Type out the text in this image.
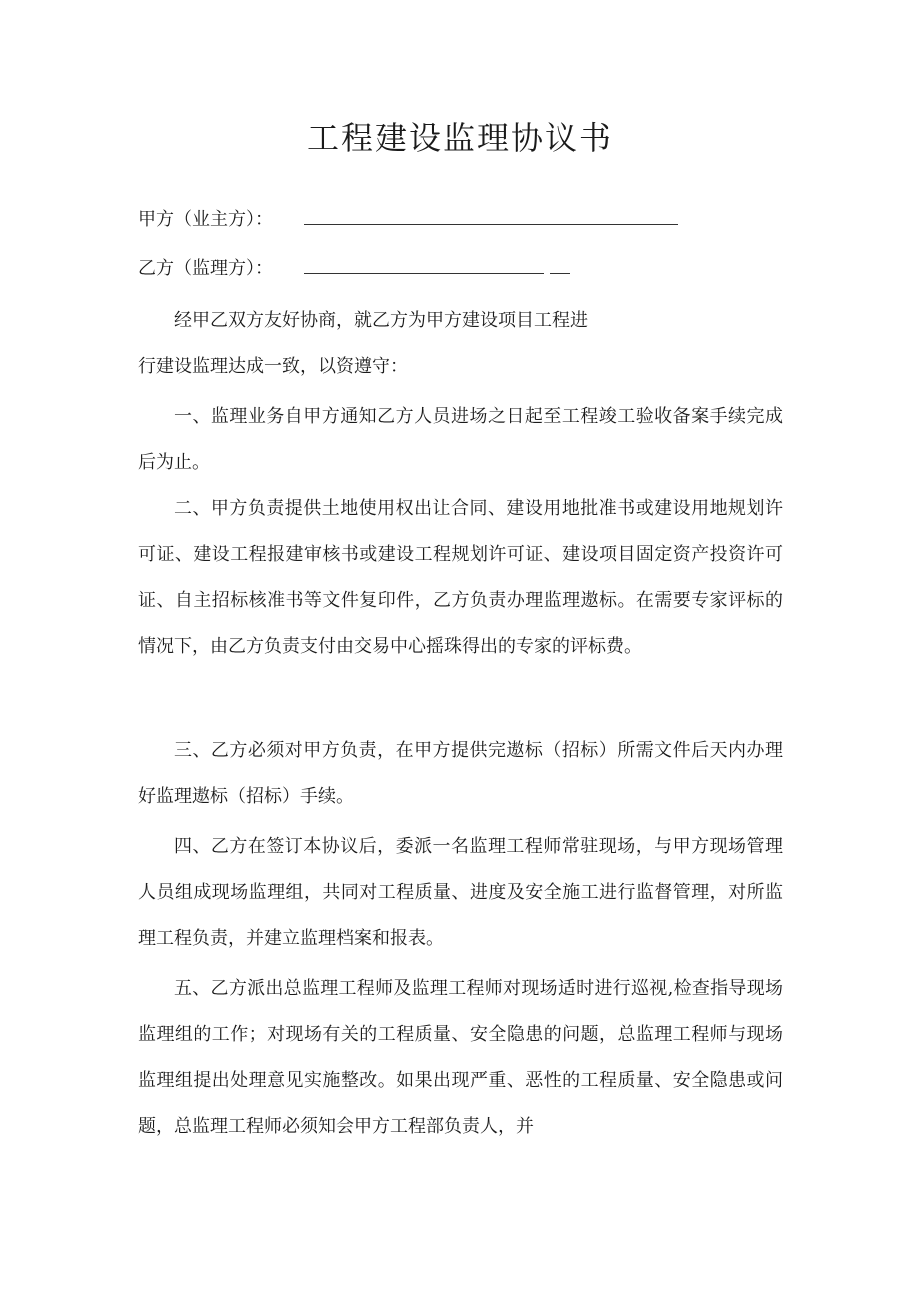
工程建设监理协议书
甲方（业主方）：
乙方（监理方）：
经甲乙双方友好协商，就乙方为甲方建设项目工程进
行建设监理达成一致，以资遵守：

一、监理业务自甲方通知乙方人员进场之日起至工程竣工验收备案手续完成后为止。

二、甲方负责提供土地使用权出让合同、建设用地批准书或建设用地规划许可证、建设工程报建审核书或建设工程规划许可证、建设项目固定资产投资许可证、自主招标核准书等文件复印件，乙方负责办理监理遨标。在需要专家评标的情况下，由乙方负责支付由交易中心摇珠得出的专家的评标费。

三、乙方必须对甲方负责，在甲方提供完遨标（招标）所需文件后天内办理好监理遨标（招标）手续。

四、乙方在签订本协议后，委派一名监理工程师常驻现场，与甲方现场管理人员组成现场监理组，共同对工程质量、进度及安全施工进行监督管理，对所监理工程负责，并建立监理档案和报表。

五、乙方派出总监理工程师及监理工程师对现场适时进行巡视,检查指导现场监理组的工作；对现场有关的工程质量、安全隐患的问题，总监理工程师与现场监理组提出处理意见实施整改。如果出现严重、恶性的工程质量、安全隐患或问题，总监理工程师必须知会甲方工程部负责人，并
